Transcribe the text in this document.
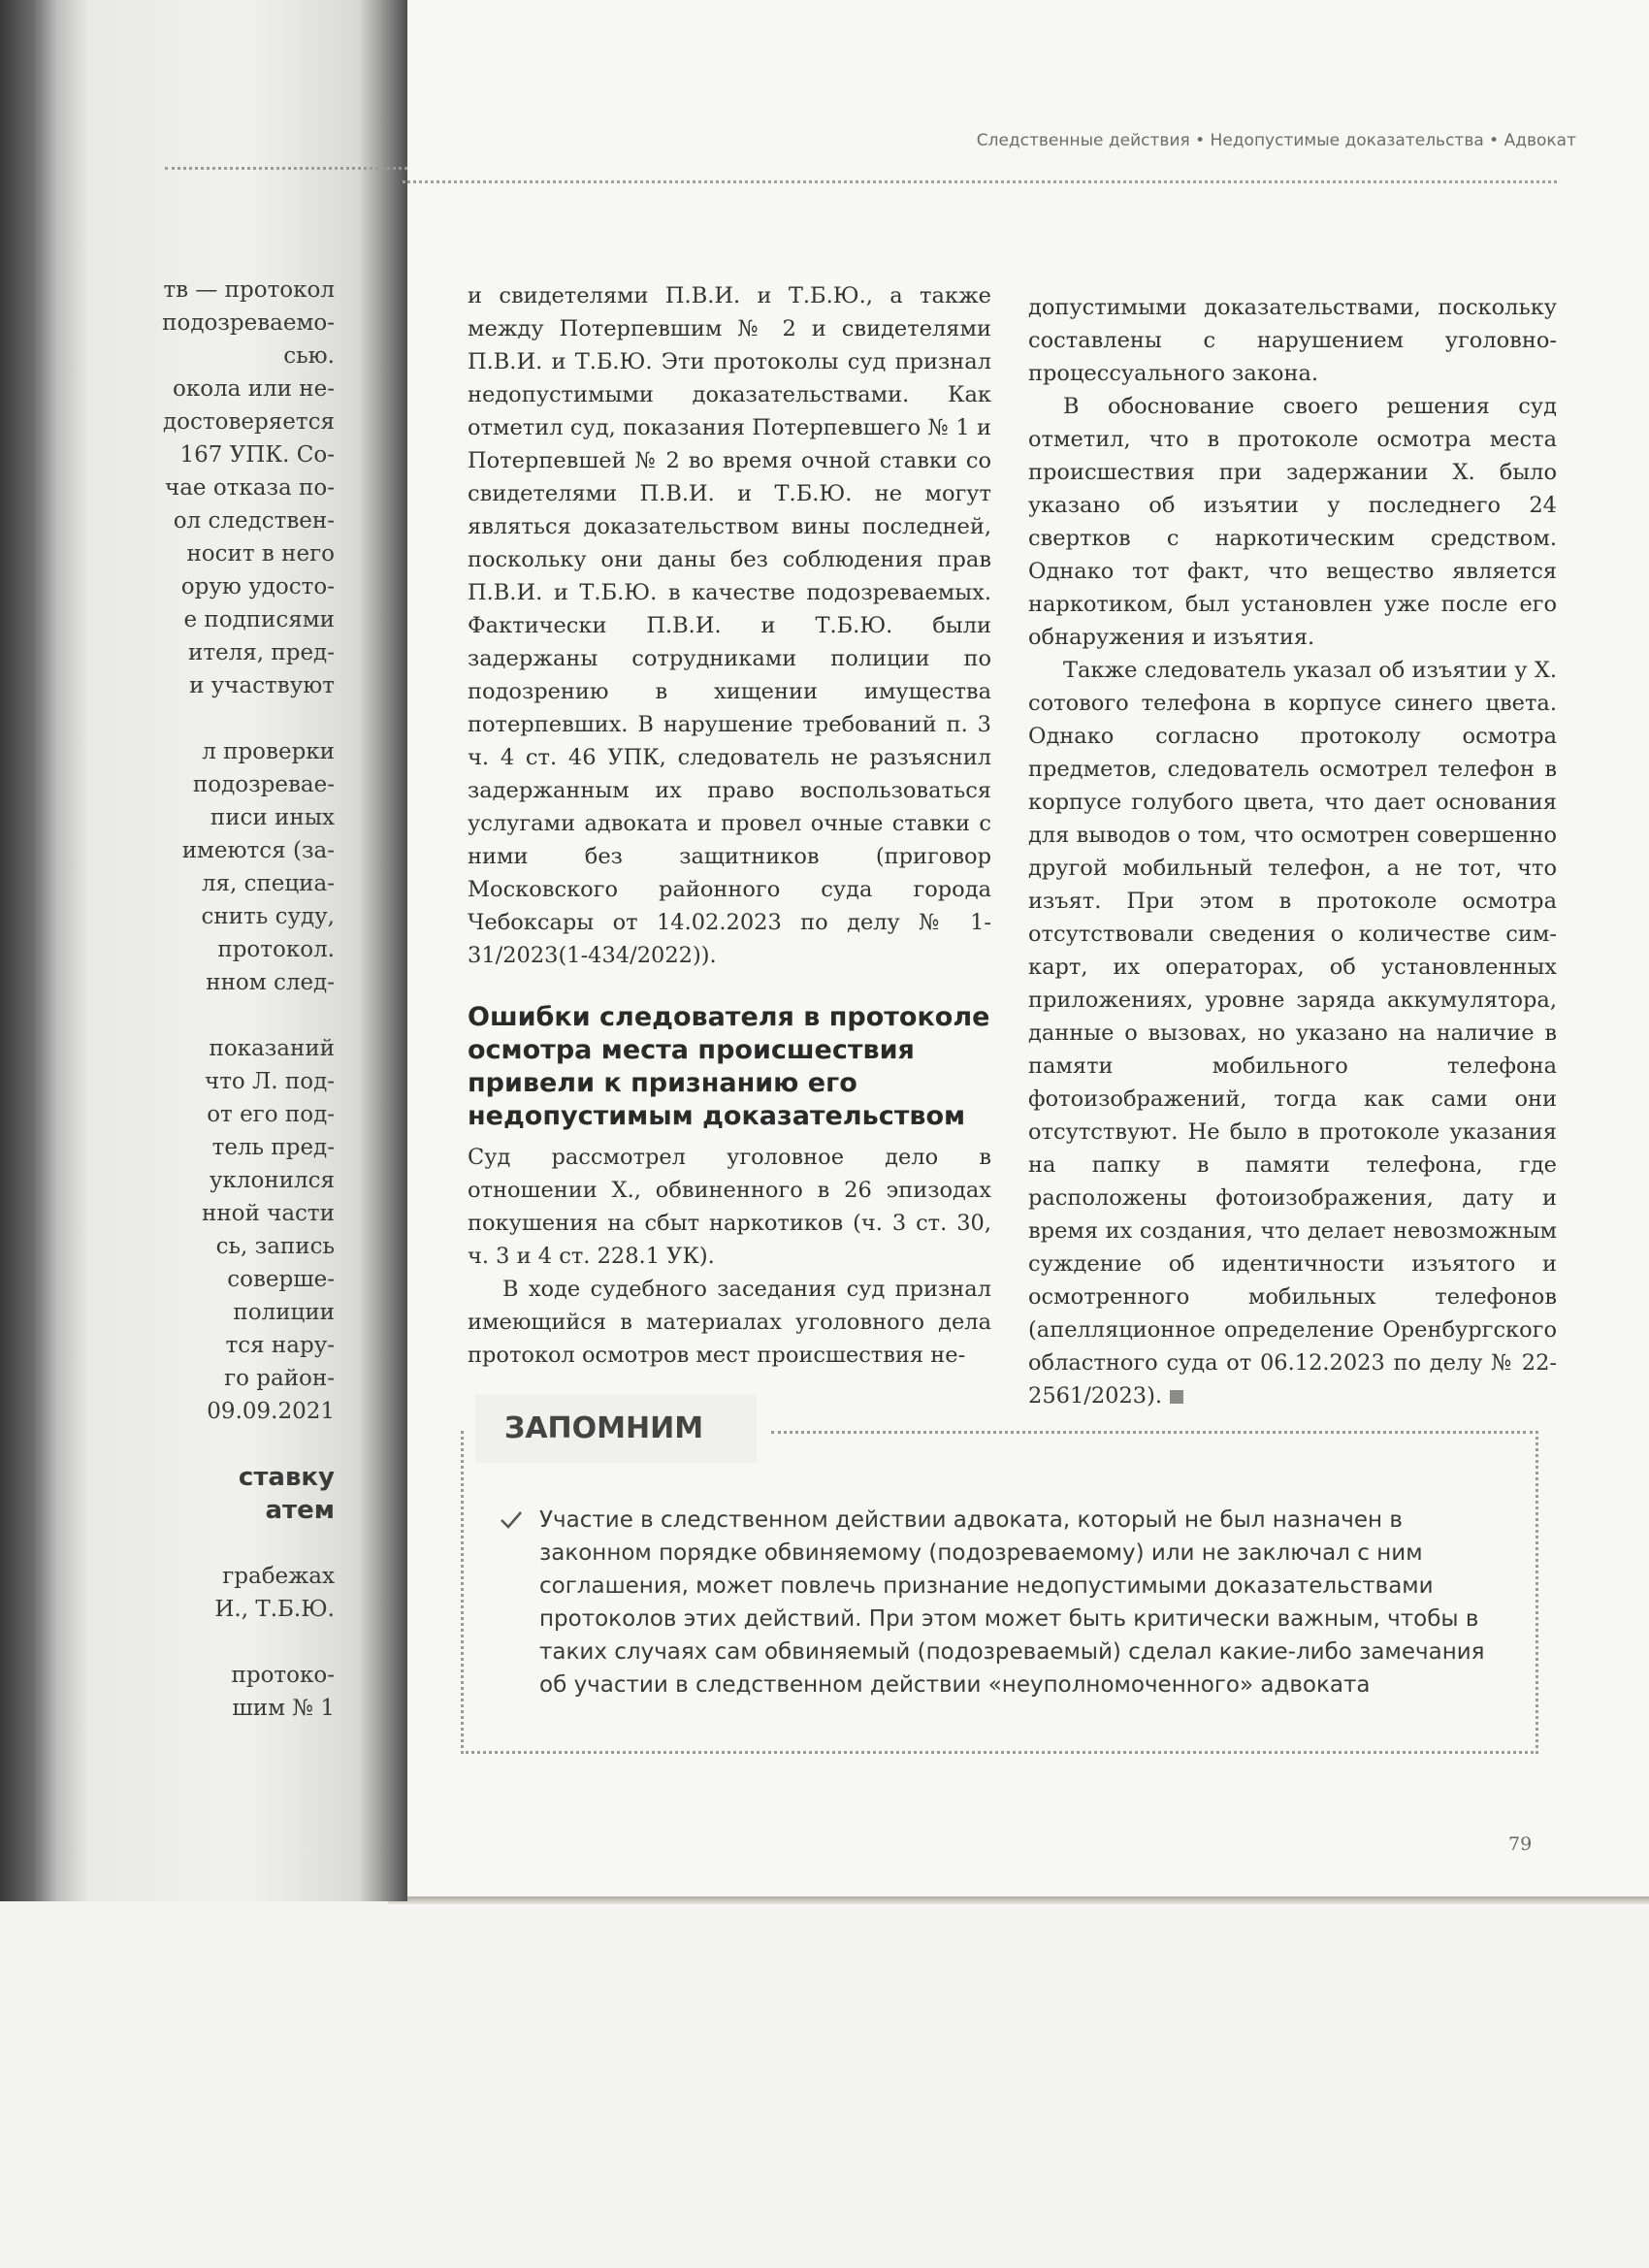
тв — протокол
подозреваемо-
сью.
окола или не-
достоверяется
167 УПК. Со-
чае отказа по-
ол следствен-
носит в него
орую удосто-
е подписями
ителя, пред-
и участвуют
л проверки
подозревае-
писи иных
имеются (за-
ля, специа-
снить суду,
протокол.
нном след-
показаний
что Л. под-
от его под-
тель пред-
уклонился
нной части
сь, запись
соверше-
полиции
тся нару-
го район-
09.09.2021
ставку
атем
грабежах
И., Т.Б.Ю.
протоко-
шим № 1
Следственные действия • Недопустимые доказательства • Адвокат

и свидетелями П.В.И. и Т.Б.Ю., а также между Потерпевшим № 2 и свидетелями П.В.И. и Т.Б.Ю. Эти протоколы суд признал недопустимыми доказательствами. Как отметил суд, показания Потерпевшего № 1 и Потерпевшей № 2 во время очной ставки со свидетелями П.В.И. и Т.Б.Ю. не могут являться доказательством вины последней, поскольку они даны без соблюдения прав П.В.И. и Т.Б.Ю. в качестве подозреваемых. Фактически П.В.И. и Т.Б.Ю. были задержаны сотрудниками полиции по подозрению в хищении имущества потерпевших. В нарушение требований п. 3 ч. 4 ст. 46 УПК, следователь не разъяснил задержанным их право воспользоваться услугами адвоката и провел очные ставки с ними без защитников (приговор Московского районного суда города Чебоксары от 14.02.2023 по делу № 1-31/2023(1-434/2022)).

Ошибки следователя в протоколе осмотра места происшествия привели к признанию его недопустимым доказательством

Суд рассмотрел уголовное дело в отношении Х., обвиненного в 26 эпизодах покушения на сбыт наркотиков (ч. 3 ст. 30, ч. 3 и 4 ст. 228.1 УК).

В ходе судебного заседания суд признал имеющийся в материалах уголовного дела протокол осмотров мест происшествия не-

допустимыми доказательствами, поскольку составлены с нарушением уголовно-процессуального закона.

В обоснование своего решения суд отметил, что в протоколе осмотра места происшествия при задержании Х. было указано об изъятии у последнего 24 свертков с наркотическим средством. Однако тот факт, что вещество является наркотиком, был установлен уже после его обнаружения и изъятия.

Также следователь указал об изъятии у Х. сотового телефона в корпусе синего цвета. Однако согласно протоколу осмотра предметов, следователь осмотрел телефон в корпусе голубого цвета, что дает основания для выводов о том, что осмотрен совершенно другой мобильный телефон, а не тот, что изъят. При этом в протоколе осмотра отсутствовали сведения о количестве сим-карт, их операторах, об установленных приложениях, уровне заряда аккумулятора, данные о вызовах, но указано на наличие в памяти мобильного телефона фотоизображений, тогда как сами они отсутствуют. Не было в протоколе указания на папку в памяти телефона, где расположены фотоизображения, дату и время их создания, что делает невозможным суждение об идентичности изъятого и осмотренного мобильных телефонов (апелляционное определение Оренбургского областного суда от 06.12.2023 по делу № 22-2561/2023).

ЗАПОМНИМ

Участие в следственном действии адвоката, который не был назначен в законном порядке обвиняемому (подозреваемому) или не заключал с ним соглашения, может повлечь признание недопустимыми доказательствами протоколов этих действий. При этом может быть критически важным, чтобы в таких случаях сам обвиняемый (подозреваемый) сделал какие-либо замечания об участии в следственном действии «неуполномоченного» адвоката

79
